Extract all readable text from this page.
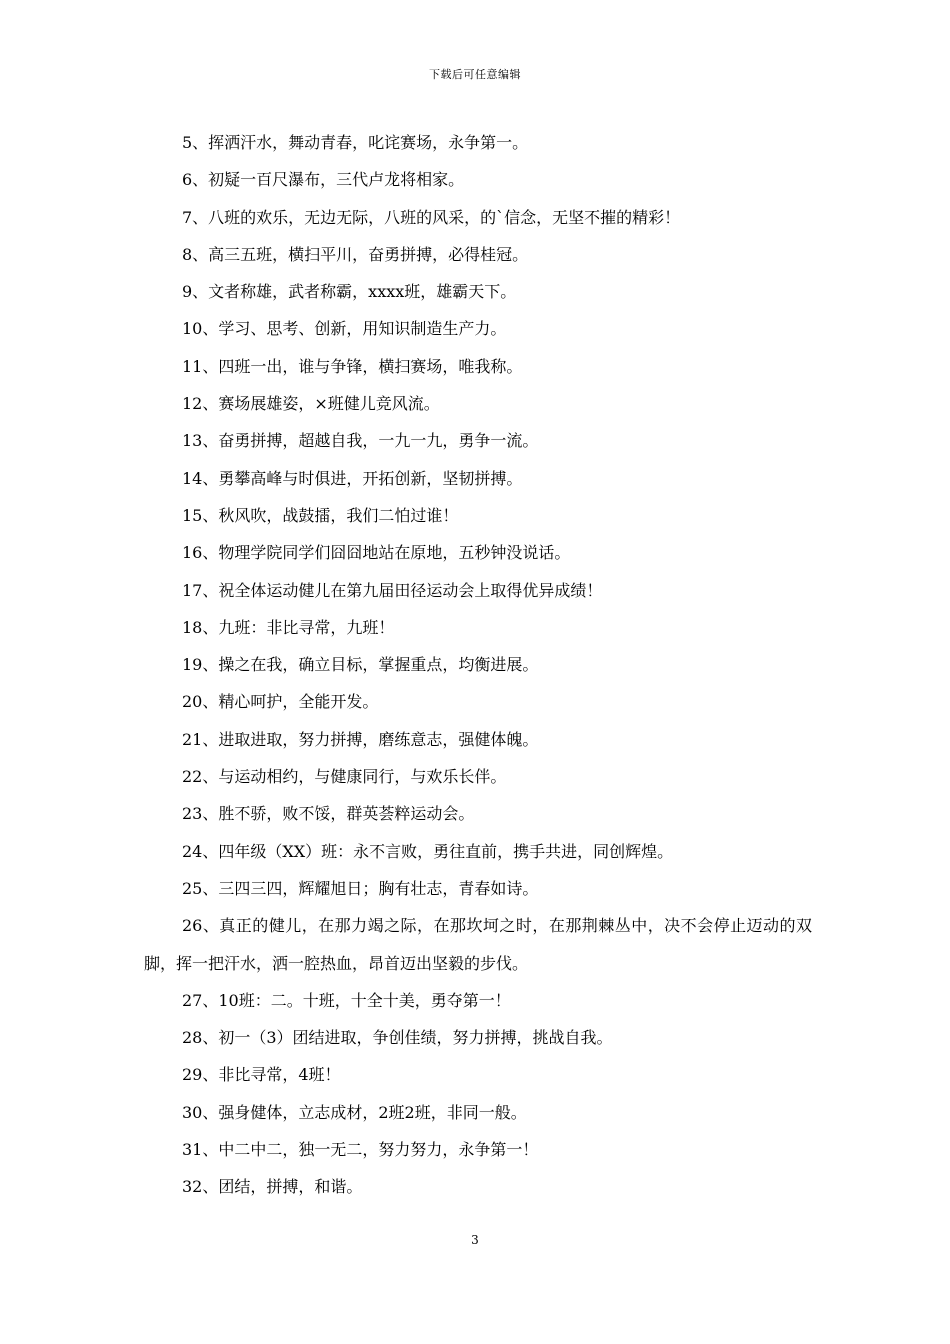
下载后可任意编辑
5、挥洒汗水，舞动青春，叱诧赛场，永争第一。
6、初疑一百尺瀑布，三代卢龙将相家。
7、八班的欢乐，无边无际，八班的风采，的`信念，无坚不摧的精彩！
8、高三五班，横扫平川，奋勇拼搏，必得桂冠。
9、文者称雄，武者称霸，xxxx班，雄霸天下。
10、学习、思考、创新，用知识制造生产力。
11、四班一出，谁与争锋，横扫赛场，唯我称。
12、赛场展雄姿，×班健儿竞风流。
13、奋勇拼搏，超越自我，一九一九，勇争一流。
14、勇攀高峰与时俱进，开拓创新，坚韧拼搏。
15、秋风吹，战鼓擂，我们二怕过谁！
16、物理学院同学们囧囧地站在原地，五秒钟没说话。
17、祝全体运动健儿在第九届田径运动会上取得优异成绩！
18、九班：非比寻常，九班！
19、操之在我，确立目标，掌握重点，均衡进展。
20、精心呵护，全能开发。
21、进取进取，努力拼搏，磨练意志，强健体魄。
22、与运动相约，与健康同行，与欢乐长伴。
23、胜不骄，败不馁，群英荟粹运动会。
24、四年级（XX）班：永不言败，勇往直前，携手共进，同创辉煌。
25、三四三四，辉耀旭日；胸有壮志，青春如诗。
26、真正的健儿，在那力竭之际，在那坎坷之时，在那荆棘丛中，决不会停止迈动的双脚，挥一把汗水，洒一腔热血，昂首迈出坚毅的步伐。
27、10班：二。十班，十全十美，勇夺第一！
28、初一（3）团结进取，争创佳绩，努力拼搏，挑战自我。
29、非比寻常，4班！
30、强身健体，立志成材，2班2班，非同一般。
31、中二中二，独一无二，努力努力，永争第一！
32、团结，拼搏，和谐。
3
